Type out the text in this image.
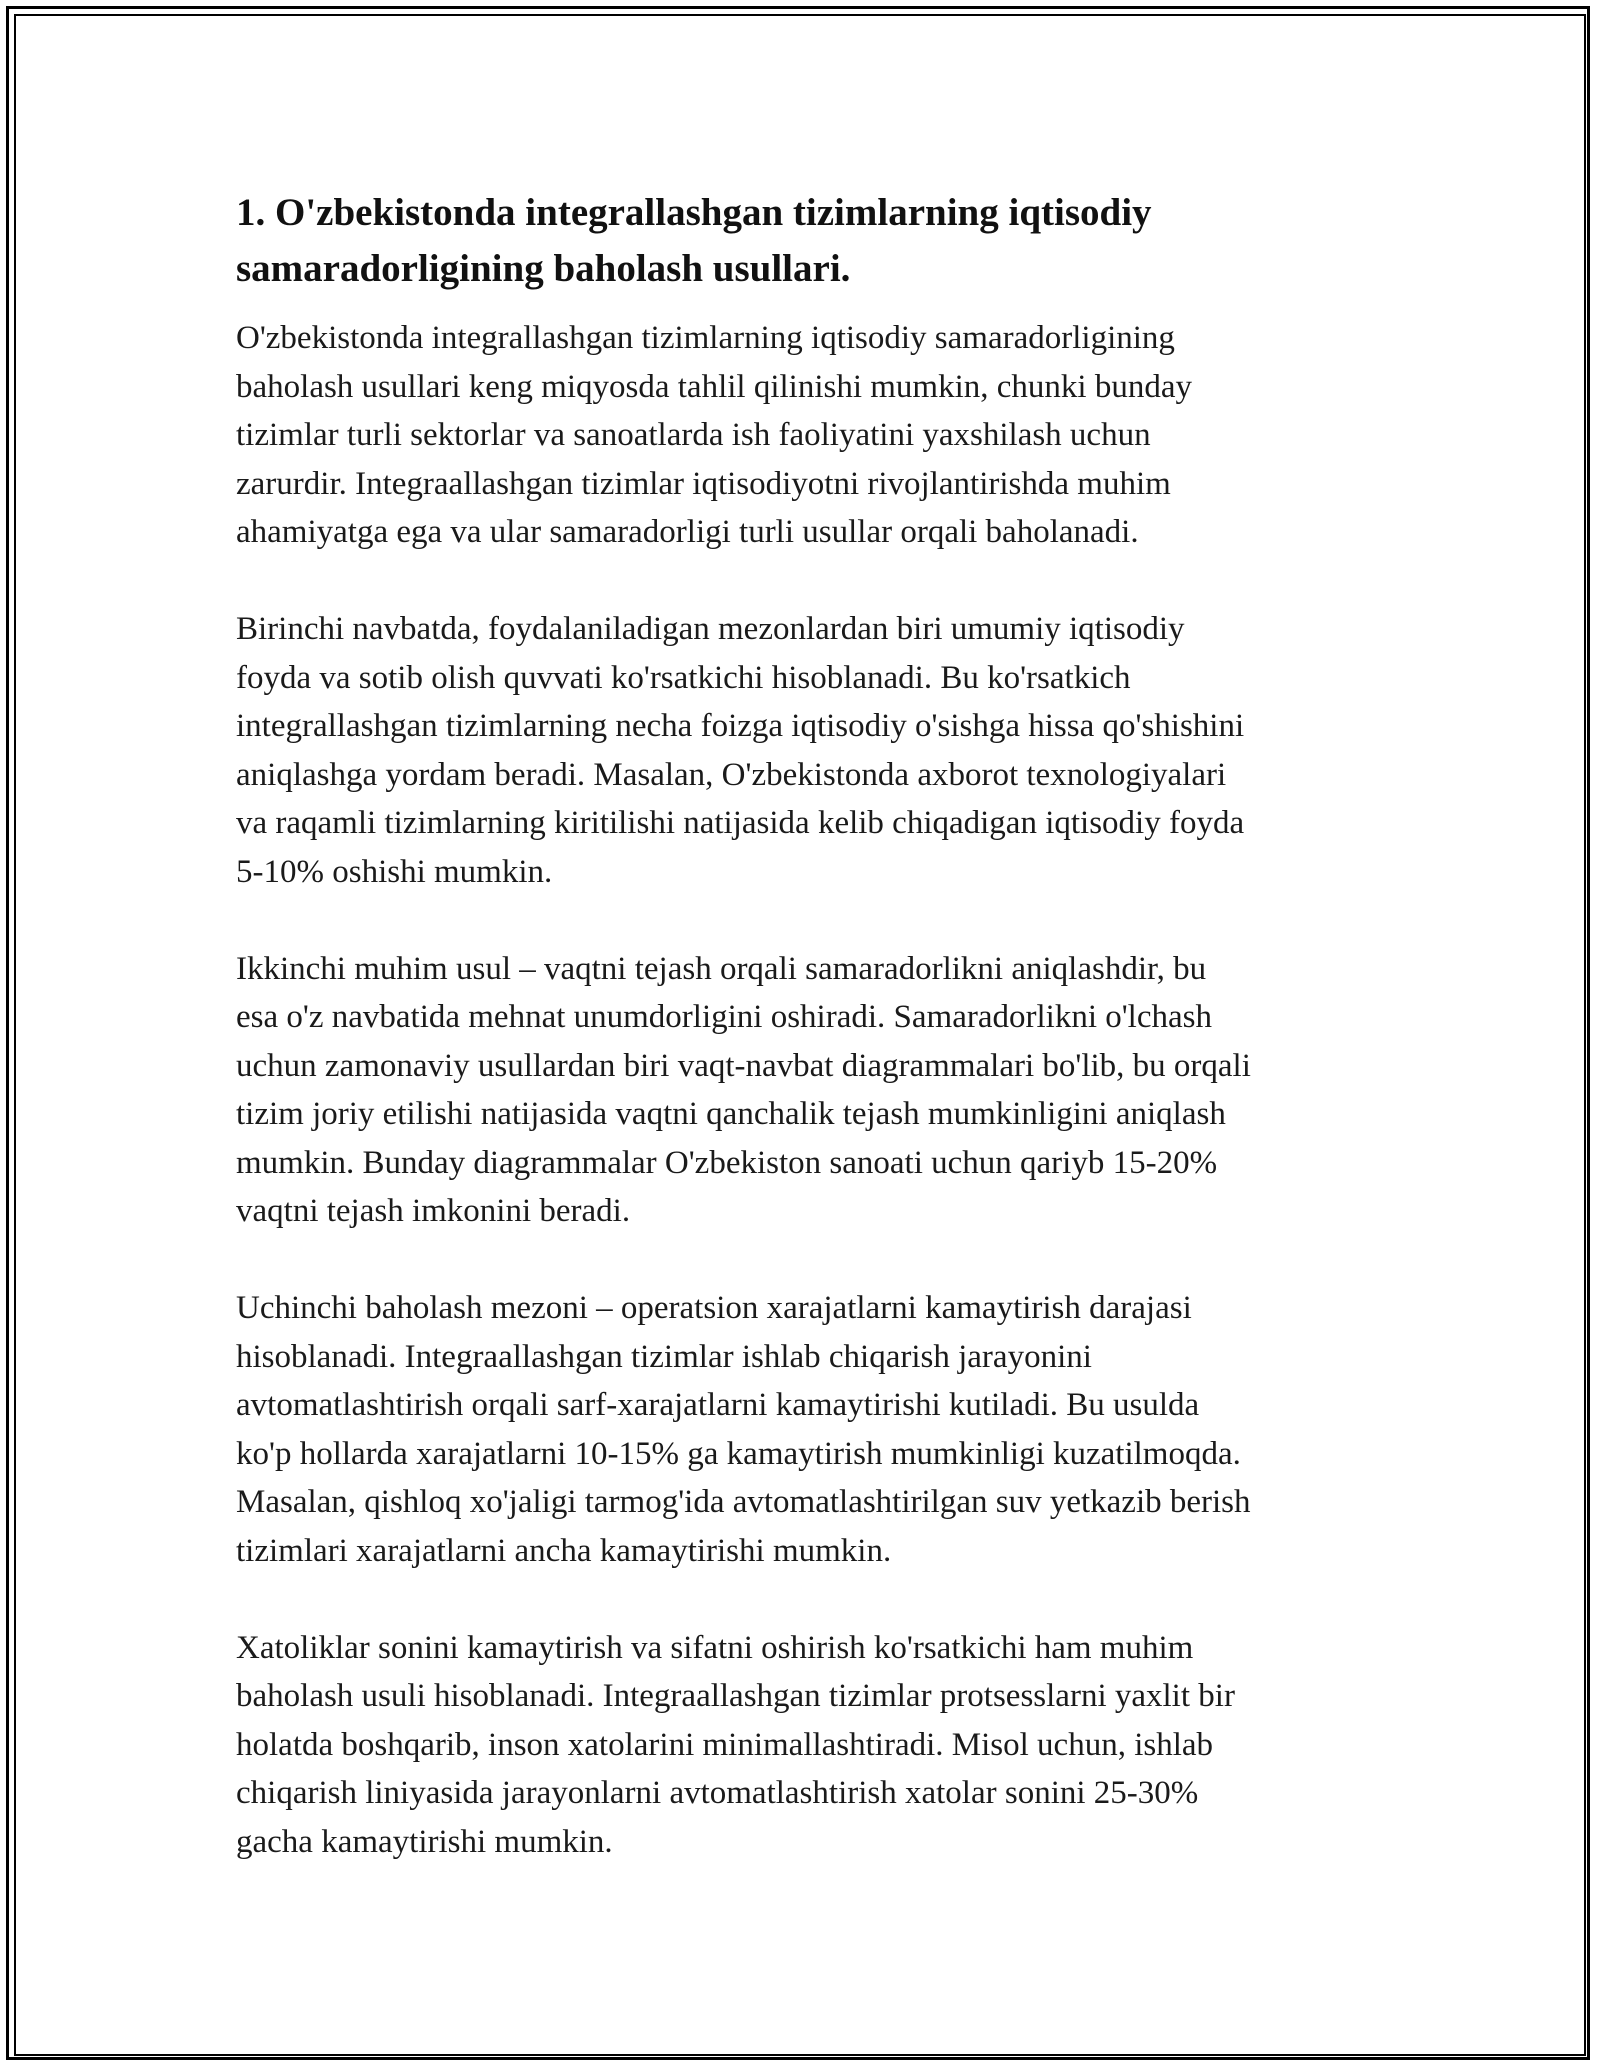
1. O'zbekistonda integrallashgan tizimlarning iqtisodiy
samaradorligining baholash usullari.

O'zbekistonda integrallashgan tizimlarning iqtisodiy samaradorligining
baholash usullari keng miqyosda tahlil qilinishi mumkin, chunki bunday
tizimlar turli sektorlar va sanoatlarda ish faoliyatini yaxshilash uchun
zarurdir. Integraallashgan tizimlar iqtisodiyotni rivojlantirishda muhim
ahamiyatga ega va ular samaradorligi turli usullar orqali baholanadi.

Birinchi navbatda, foydalaniladigan mezonlardan biri umumiy iqtisodiy
foyda va sotib olish quvvati ko'rsatkichi hisoblanadi. Bu ko'rsatkich
integrallashgan tizimlarning necha foizga iqtisodiy o'sishga hissa qo'shishini
aniqlashga yordam beradi. Masalan, O'zbekistonda axborot texnologiyalari
va raqamli tizimlarning kiritilishi natijasida kelib chiqadigan iqtisodiy foyda
5-10% oshishi mumkin.

Ikkinchi muhim usul – vaqtni tejash orqali samaradorlikni aniqlashdir, bu
esa o'z navbatida mehnat unumdorligini oshiradi. Samaradorlikni o'lchash
uchun zamonaviy usullardan biri vaqt-navbat diagrammalari bo'lib, bu orqali
tizim joriy etilishi natijasida vaqtni qanchalik tejash mumkinligini aniqlash
mumkin. Bunday diagrammalar O'zbekiston sanoati uchun qariyb 15-20%
vaqtni tejash imkonini beradi.

Uchinchi baholash mezoni – operatsion xarajatlarni kamaytirish darajasi
hisoblanadi. Integraallashgan tizimlar ishlab chiqarish jarayonini
avtomatlashtirish orqali sarf-xarajatlarni kamaytirishi kutiladi. Bu usulda
ko'p hollarda xarajatlarni 10-15% ga kamaytirish mumkinligi kuzatilmoqda.
Masalan, qishloq xo'jaligi tarmog'ida avtomatlashtirilgan suv yetkazib berish
tizimlari xarajatlarni ancha kamaytirishi mumkin.

Xatoliklar sonini kamaytirish va sifatni oshirish ko'rsatkichi ham muhim
baholash usuli hisoblanadi. Integraallashgan tizimlar protsesslarni yaxlit bir
holatda boshqarib, inson xatolarini minimallashtiradi. Misol uchun, ishlab
chiqarish liniyasida jarayonlarni avtomatlashtirish xatolar sonini 25-30%
gacha kamaytirishi mumkin.
